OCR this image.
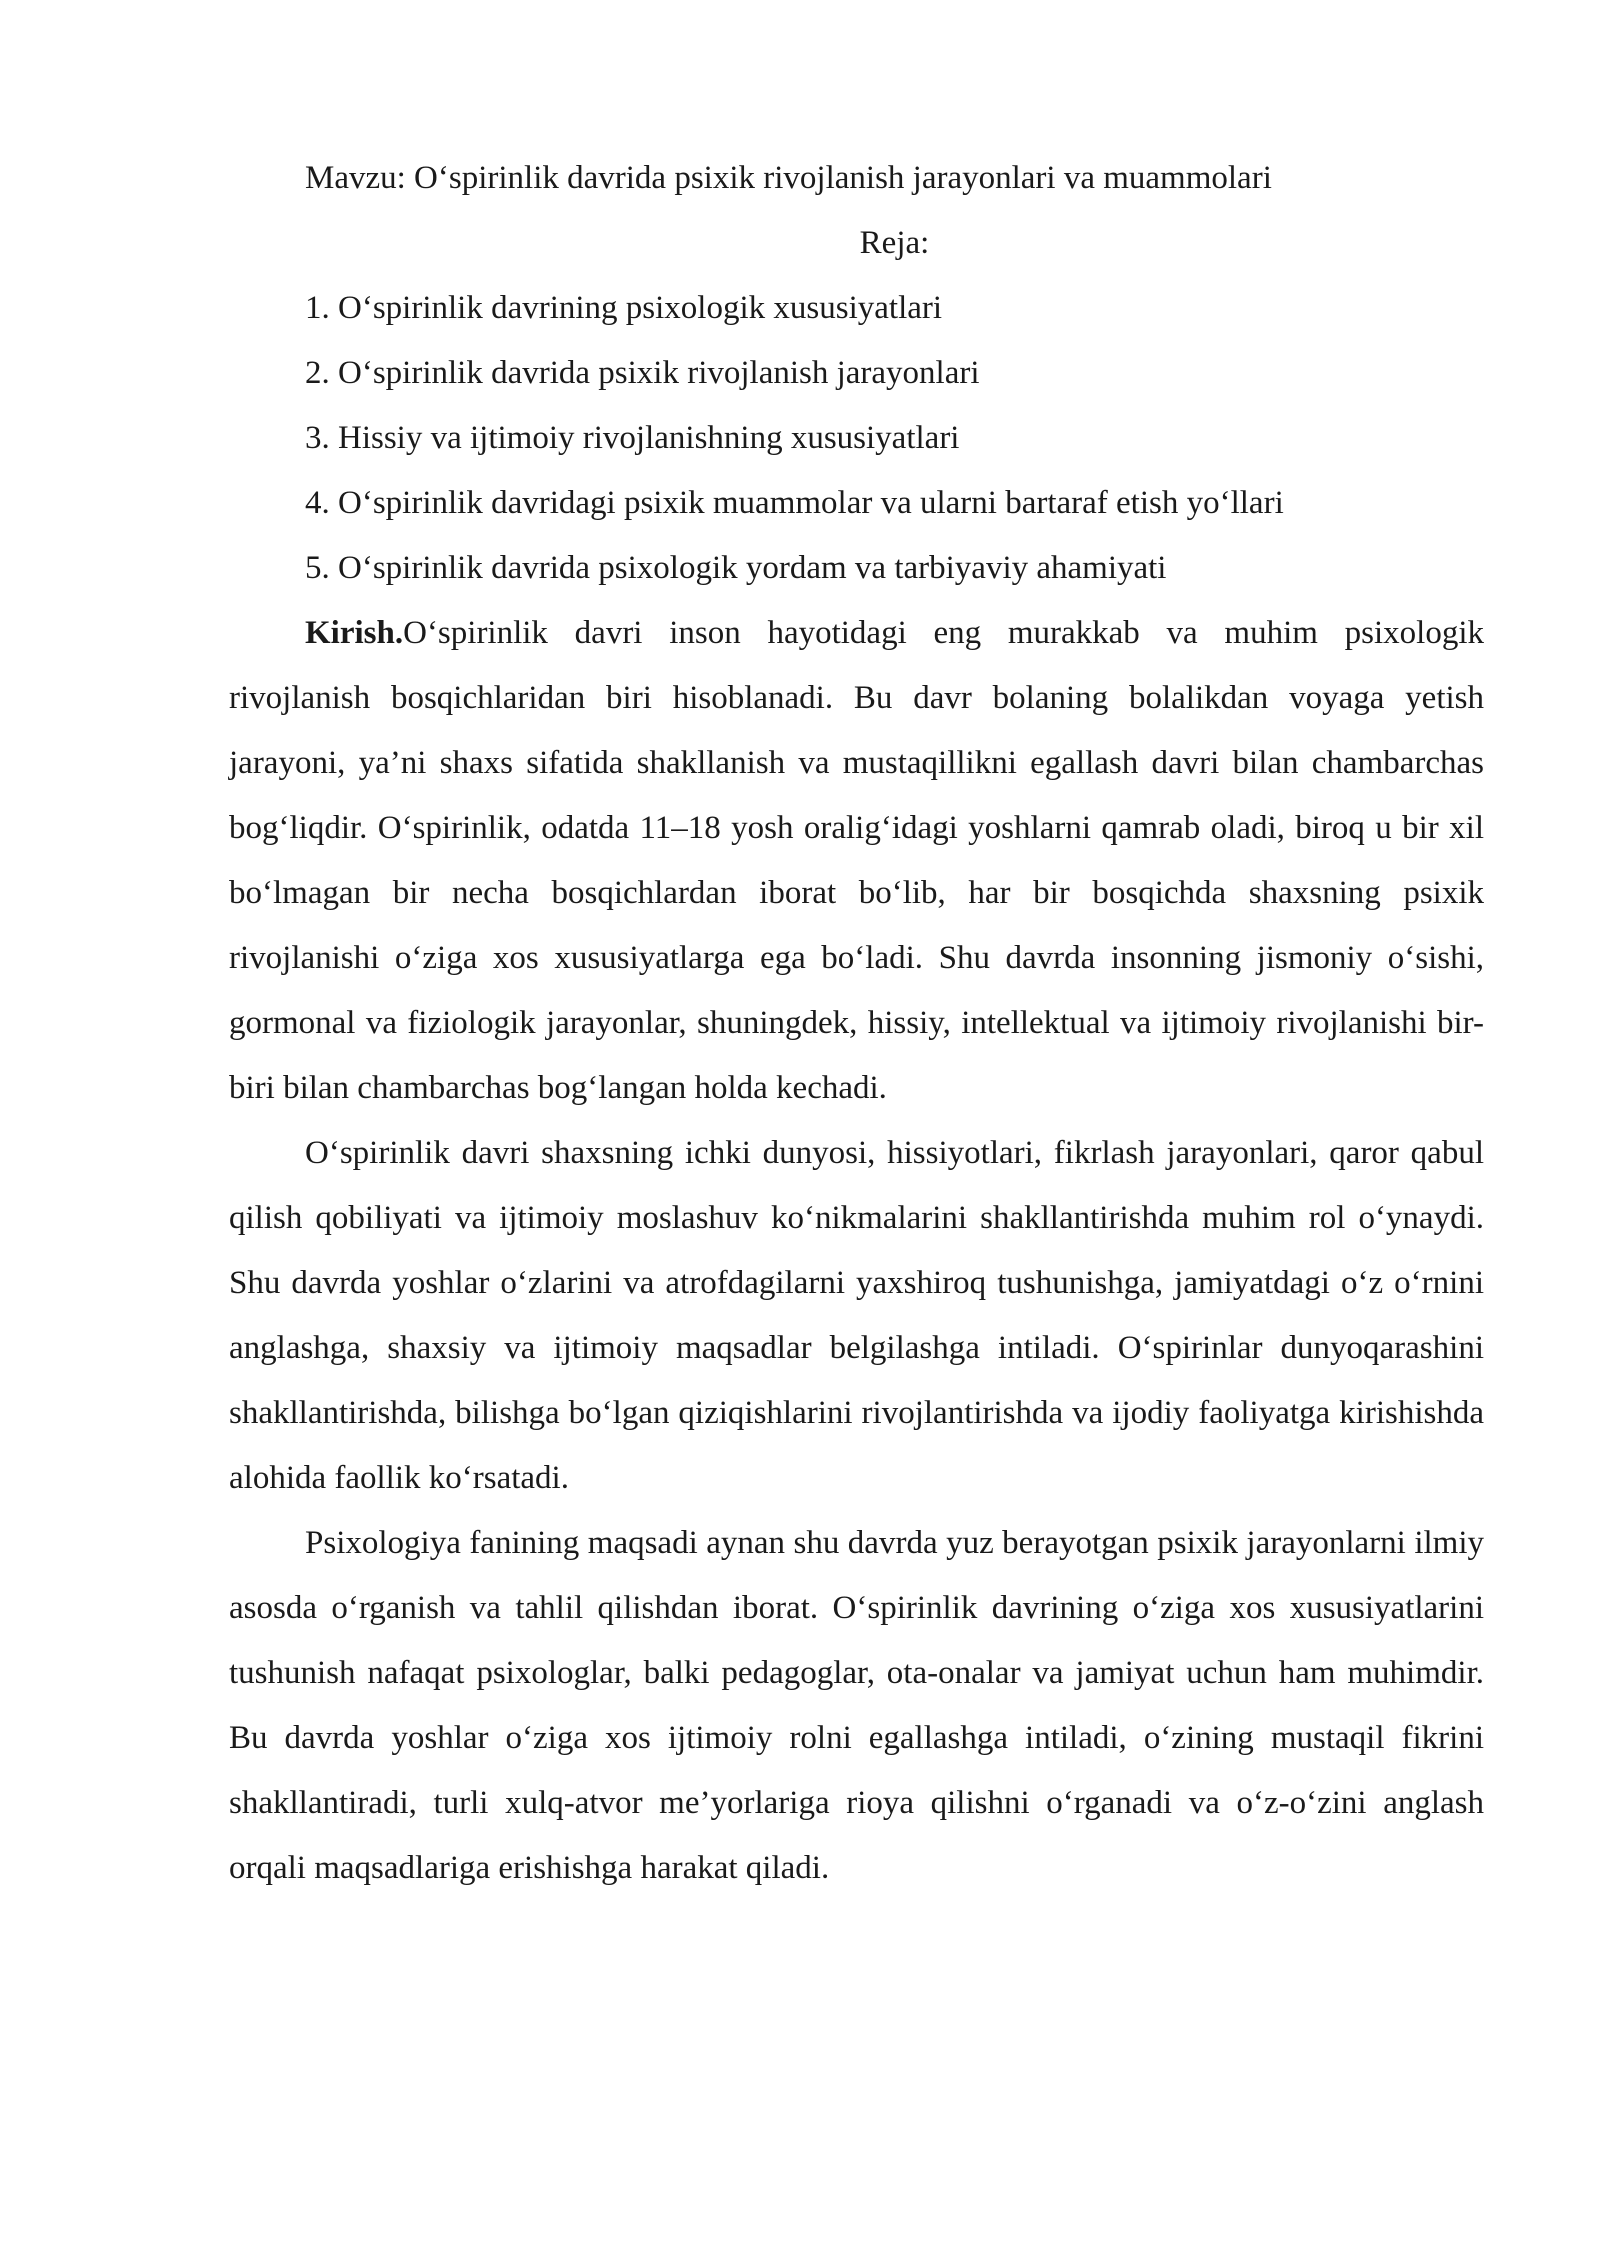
Mavzu: Oʻspirinlik davrida psixik rivojlanish jarayonlari va muammolari
Reja:
1. Oʻspirinlik davrining psixologik xususiyatlari
2. Oʻspirinlik davrida psixik rivojlanish jarayonlari
3. Hissiy va ijtimoiy rivojlanishning xususiyatlari
4. Oʻspirinlik davridagi psixik muammolar va ularni bartaraf etish yoʻllari
5. Oʻspirinlik davrida psixologik yordam va tarbiyaviy ahamiyati

Kirish.Oʻspirinlik davri inson hayotidagi eng murakkab va muhim psixologik rivojlanish bosqichlaridan biri hisoblanadi. Bu davr bolaning bolalikdan voyaga yetish jarayoni, ya’ni shaxs sifatida shakllanish va mustaqillikni egallash davri bilan chambarchas bogʻliqdir. Oʻspirinlik, odatda 11–18 yosh oraligʻidagi yoshlarni qamrab oladi, biroq u bir xil boʻlmagan bir necha bosqichlardan iborat boʻlib, har bir bosqichda shaxsning psixik rivojlanishi oʻziga xos xususiyatlarga ega boʻladi. Shu davrda insonning jismoniy oʻsishi, gormonal va fiziologik jarayonlar, shuningdek, hissiy, intellektual va ijtimoiy rivojlanishi bir-biri bilan chambarchas bogʻlangan holda kechadi.

Oʻspirinlik davri shaxsning ichki dunyosi, hissiyotlari, fikrlash jarayonlari, qaror qabul qilish qobiliyati va ijtimoiy moslashuv koʻnikmalarini shakllantirishda muhim rol oʻynaydi. Shu davrda yoshlar oʻzlarini va atrofdagilarni yaxshiroq tushunishga, jamiyatdagi oʻz oʻrnini anglashga, shaxsiy va ijtimoiy maqsadlar belgilashga intiladi. Oʻspirinlar dunyoqarashini shakllantirishda, bilishga boʻlgan qiziqishlarini rivojlantirishda va ijodiy faoliyatga kirishishda alohida faollik koʻrsatadi.

Psixologiya fanining maqsadi aynan shu davrda yuz berayotgan psixik jarayonlarni ilmiy asosda oʻrganish va tahlil qilishdan iborat. Oʻspirinlik davrining oʻziga xos xususiyatlarini tushunish nafaqat psixologlar, balki pedagoglar, ota-onalar va jamiyat uchun ham muhimdir. Bu davrda yoshlar oʻziga xos ijtimoiy rolni egallashga intiladi, oʻzining mustaqil fikrini shakllantiradi, turli xulq-atvor me’yorlariga rioya qilishni oʻrganadi va oʻz-oʻzini anglash orqali maqsadlariga erishishga harakat qiladi.
